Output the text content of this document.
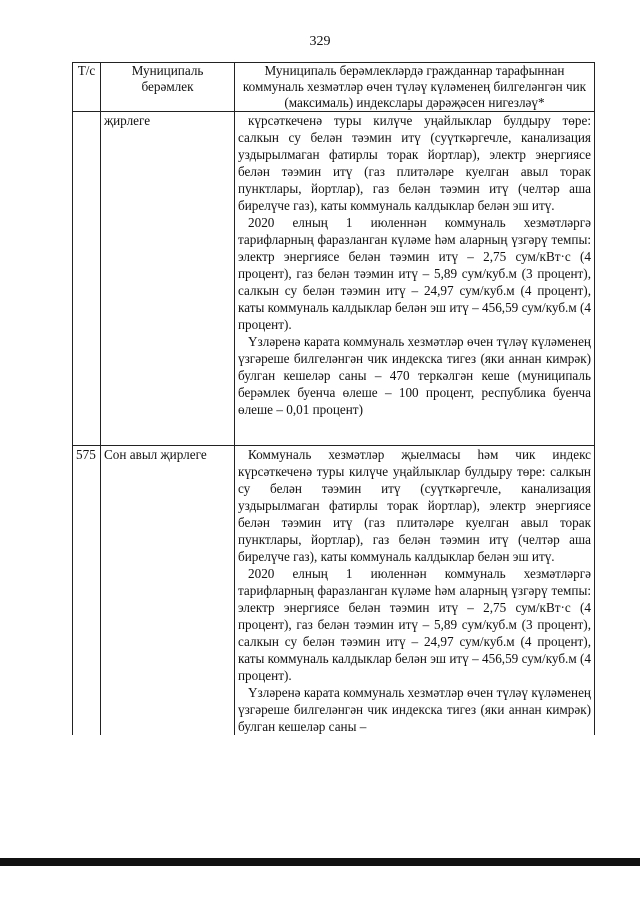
329
Т/с	Муниципаль берәмлек	Муниципаль берәмлекләрдә гражданнар тарафыннан коммуналь хезмәтләр өчен түләү күләменең билгеләнгән чик (максималь) индекслары дәрәҗәсен нигезләү*
	җирлеге	күрсәткеченә туры килүче уңайлыклар булдыру төре: салкын су белән тәэмин итү (суүткәргечле, канализация уздырылмаган фатирлы торак йортлар), электр энергиясе белән тәэмин итү (газ плитәләре куелган авыл торак пунктлары, йортлар), газ белән тәэмин итү (челтәр аша бирелүче газ), каты коммуналь калдыклар белән эш итү.

2020 елның 1 июленнән коммуналь хезмәтләргә тарифларның фаразланган күләме һәм аларның үзгәрү темпы: электр энергиясе белән тәэмин итү – 2,75 сум/кВт·с (4 процент), газ белән тәэмин итү – 5,89 сум/куб.м (3 процент), салкын су белән тәэмин итү – 24,97 сум/куб.м (4 процент), каты коммуналь калдыклар белән эш итү – 456,59 сум/куб.м (4 процент).

Үзләренә карата коммуналь хезмәтләр өчен түләү күләменең үзгәреше билгеләнгән чик индекска тигез (яки аннан кимрәк) булган кешеләр саны – 470 теркәлгән кеше (муниципаль берәмлек буенча өлеше – 100 процент, республика буенча өлеше – 0,01 процент)

575	Сон авыл җирлеге	Коммуналь хезмәтләр җыелмасы һәм чик индекс күрсәткеченә туры килүче уңайлыклар булдыру төре: салкын су белән тәэмин итү (суүткәргечле, канализация уздырылмаган фатирлы торак йортлар), электр энергиясе белән тәэмин итү (газ плитәләре куелган авыл торак пунктлары, йортлар), газ белән тәэмин итү (челтәр аша бирелүче газ), каты коммуналь калдыклар белән эш итү.

2020 елның 1 июленнән коммуналь хезмәтләргә тарифларның фаразланган күләме һәм аларның үзгәрү темпы: электр энергиясе белән тәэмин итү – 2,75 сум/кВт·с (4 процент), газ белән тәэмин итү – 5,89 сум/куб.м (3 процент), салкын су белән тәэмин итү – 24,97 сум/куб.м (4 процент), каты коммуналь калдыклар белән эш итү – 456,59 сум/куб.м (4 процент).

Үзләренә карата коммуналь хезмәтләр өчен түләү күләменең үзгәреше билгеләнгән чик индекска тигез (яки аннан кимрәк) булган кешеләр саны –
